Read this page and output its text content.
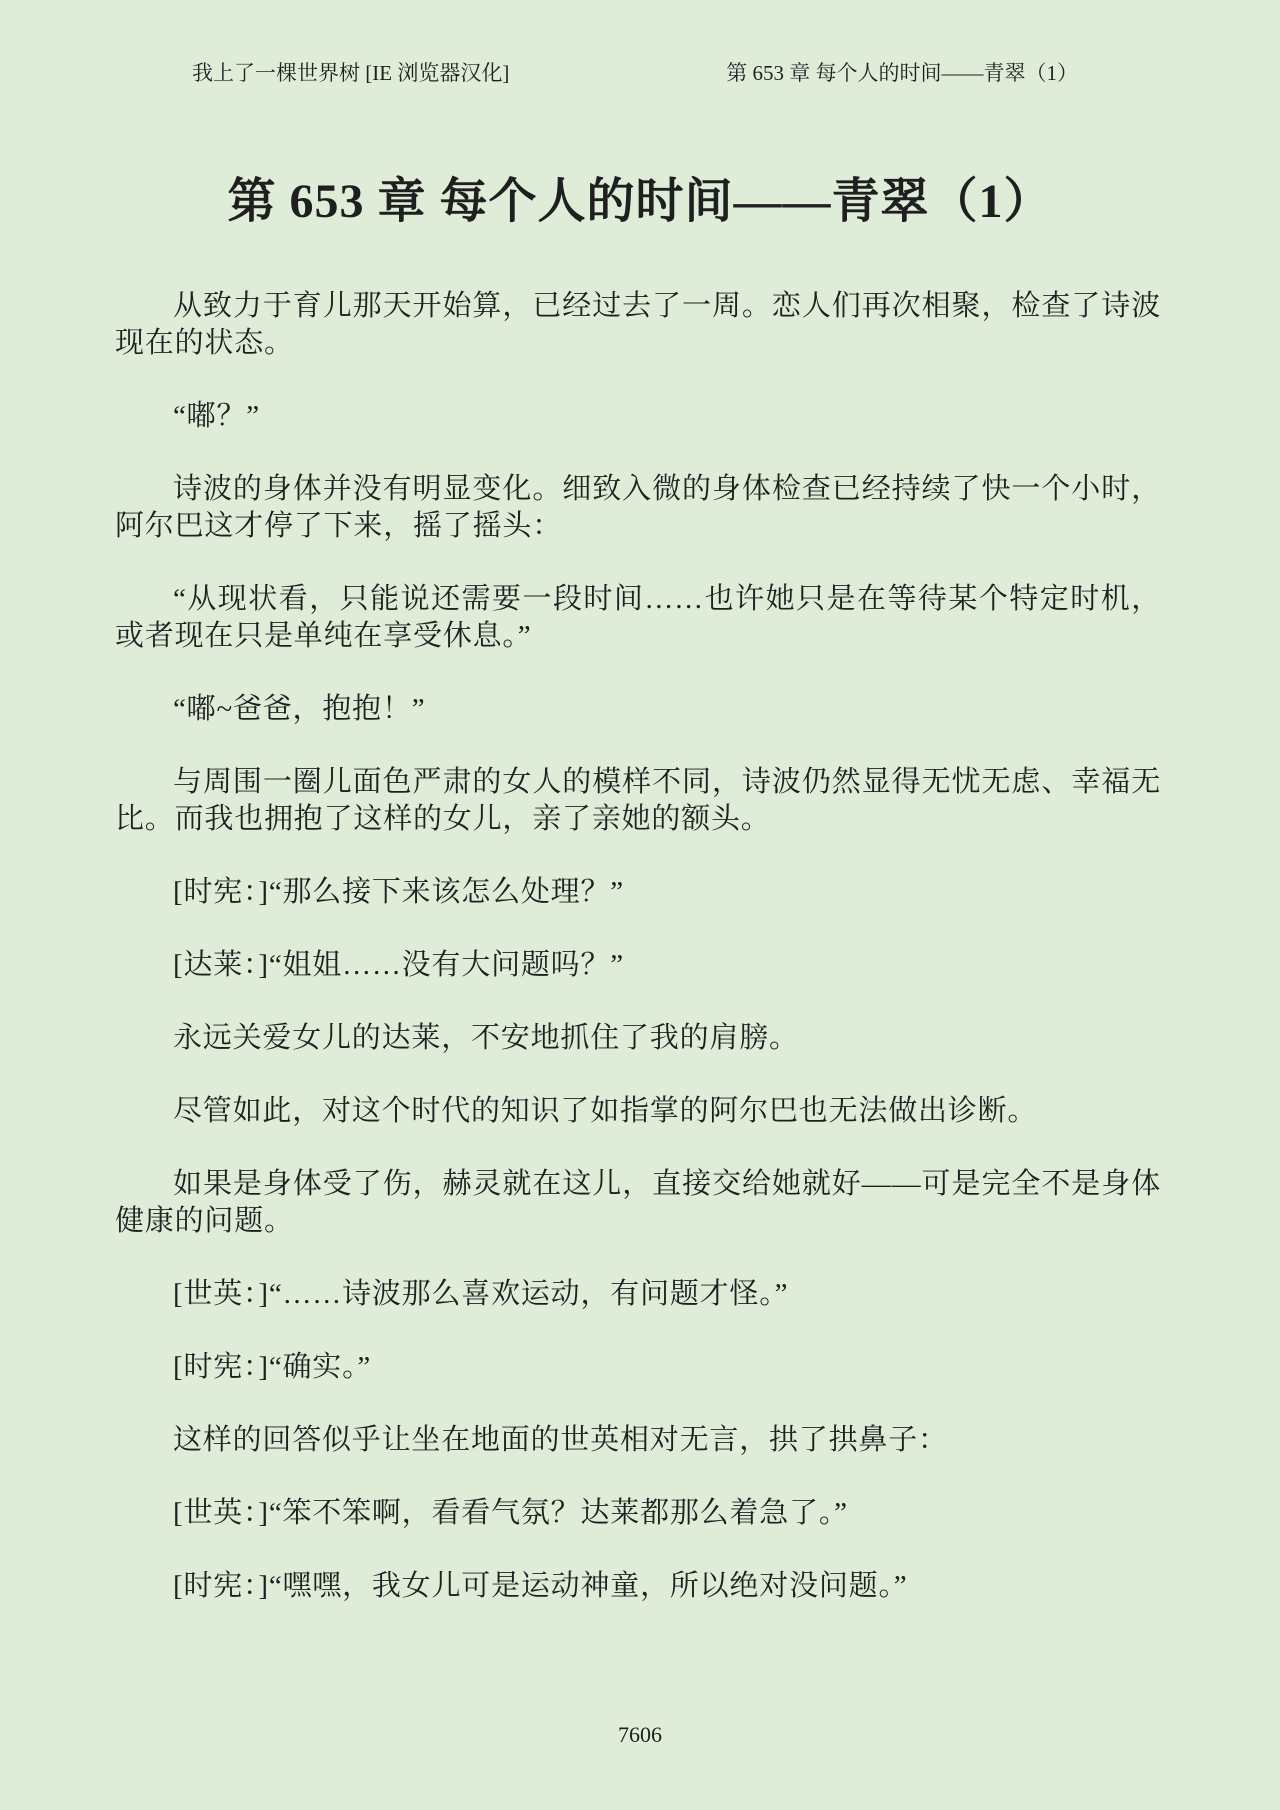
我上了一棵世界树 [IE 浏览器汉化]	第 653 章 每个人的时间——青翠（1）
第 653 章 每个人的时间——青翠（1）

从致力于育儿那天开始算，已经过去了一周。恋人们再次相聚，检查了诗波现在的状态。

“嘟？”

诗波的身体并没有明显变化。细致入微的身体检查已经持续了快一个小时，阿尔巴这才停了下来，摇了摇头：

“从现状看，只能说还需要一段时间……也许她只是在等待某个特定时机，或者现在只是单纯在享受休息。”

“嘟~爸爸，抱抱！”

与周围一圈儿面色严肃的女人的模样不同，诗波仍然显得无忧无虑、幸福无比。而我也拥抱了这样的女儿，亲了亲她的额头。

[时宪：]“那么接下来该怎么处理？”

[达莱：]“姐姐……没有大问题吗？”

永远关爱女儿的达莱，不安地抓住了我的肩膀。

尽管如此，对这个时代的知识了如指掌的阿尔巴也无法做出诊断。

如果是身体受了伤，赫灵就在这儿，直接交给她就好——可是完全不是身体健康的问题。

[世英：]“……诗波那么喜欢运动，有问题才怪。”

[时宪：]“确实。”

这样的回答似乎让坐在地面的世英相对无言，拱了拱鼻子：

[世英：]“笨不笨啊，看看气氛？达莱都那么着急了。”

[时宪：]“嘿嘿，我女儿可是运动神童，所以绝对没问题。”

7606
